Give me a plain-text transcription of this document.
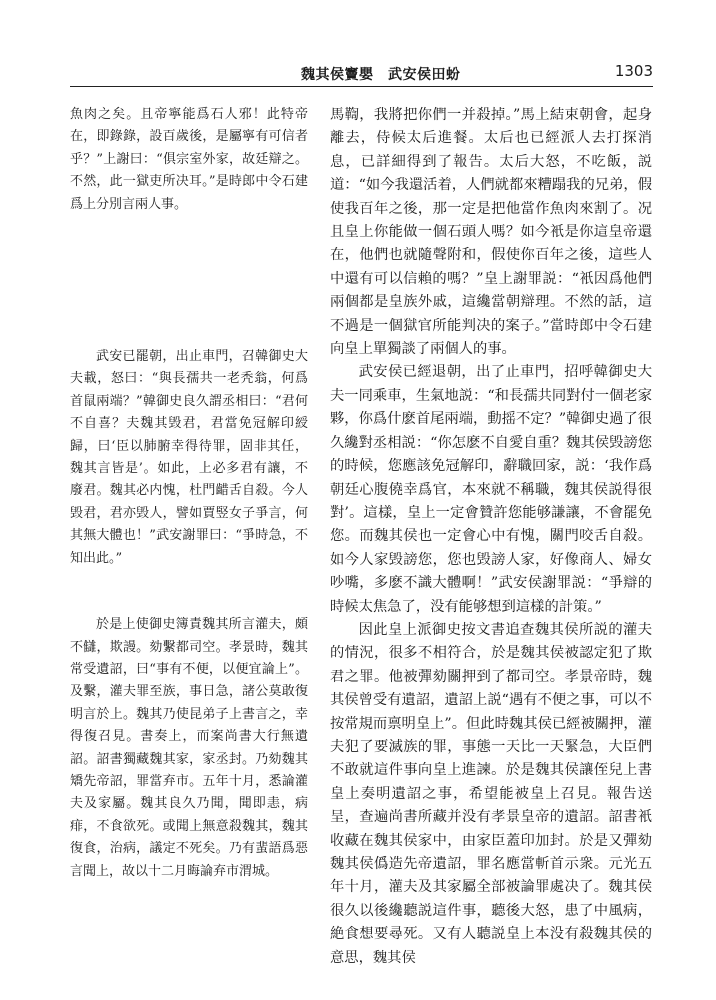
魏其侯竇嬰　武安侯田蚡	1303

魚肉之矣。且帝寧能爲石人邪！此特帝在，即錄錄，設百歲後，是屬寧有可信者乎？”上謝曰：“俱宗室外家，故廷辯之。不然，此一獄吏所决耳。”是時郎中令石建爲上分別言兩人事。

武安已罷朝，出止車門，召韓御史大夫載，怒曰：“與長孺共一老秃翁，何爲首鼠兩端？”韓御史良久謂丞相曰：“君何不自喜？夫魏其毁君，君當免冠解印綬歸，曰‘臣以肺腑幸得待罪，固非其任，魏其言皆是’。如此，上必多君有讓，不廢君。魏其必内愧，杜門齰舌自殺。今人毁君，君亦毁人，譬如賈竪女子爭言，何其無大體也！”武安謝罪曰：“爭時急，不知出此。”

於是上使御史簿責魏其所言灌夫，頗不讎，欺謾。劾繫都司空。孝景時，魏其常受遺詔，曰“事有不便，以便宜論上”。及繫，灌夫罪至族，事日急，諸公莫敢復明言於上。魏其乃使昆弟子上書言之，幸得復召見。書奏上，而案尚書大行無遺詔。詔書獨藏魏其家，家丞封。乃劾魏其矯先帝詔，罪當弃市。五年十月，悉論灌夫及家屬。魏其良久乃聞，聞即恚，病痱，不食欲死。或聞上無意殺魏其，魏其復食，治病，議定不死矣。乃有蜚語爲惡言聞上，故以十二月晦論弃市渭城。

馬鞫，我將把你們一并殺掉。”馬上結束朝會，起身離去，侍候太后進餐。太后也已經派人去打探消息，已詳細得到了報告。太后大怒，不吃飯，説道：“如今我還活着，人們就都來糟蹋我的兄弟，假使我百年之後，那一定是把他當作魚肉來割了。况且皇上你能做一個石頭人嗎？如今衹是你這皇帝還在，他們也就隨聲附和，假使你百年之後，這些人中還有可以信賴的嗎？”皇上謝罪説：“衹因爲他們兩個都是皇族外戚，這纔當朝辯理。不然的話，這不過是一個獄官所能判决的案子。”當時郎中令石建向皇上單獨談了兩個人的事。

武安侯已經退朝，出了止車門，招呼韓御史大夫一同乘車，生氣地説：“和長孺共同對付一個老家夥，你爲什麽首尾兩端，動摇不定？”韓御史過了很久纔對丞相説：“你怎麽不自愛自重？魏其侯毁謗您的時候，您應該免冠解印，辭職回家，説：‘我作爲朝廷心腹僥幸爲官，本來就不稱職，魏其侯説得很對’。這樣，皇上一定會贊許您能够謙讓，不會罷免您。而魏其侯也一定會心中有愧，關門咬舌自殺。如今人家毁謗您，您也毁謗人家，好像商人、婦女吵嘴，多麽不識大體啊！”武安侯謝罪説：“爭辯的時候太焦急了，没有能够想到這樣的計策。”

因此皇上派御史按文書追查魏其侯所説的灌夫的情況，很多不相符合，於是魏其侯被認定犯了欺君之罪。他被彈劾關押到了都司空。孝景帝時，魏其侯曾受有遺詔，遺詔上説“遇有不便之事，可以不按常規而禀明皇上”。但此時魏其侯已經被關押，灌夫犯了要滅族的罪，事態一天比一天緊急，大臣們不敢就這件事向皇上進諫。於是魏其侯讓侄兒上書皇上奏明遺詔之事，希望能被皇上召見。報告送呈，查遍尚書所藏并没有孝景皇帝的遺詔。詔書衹收藏在魏其侯家中，由家臣蓋印加封。於是又彈劾魏其侯僞造先帝遺詔，罪名應當斬首示衆。元光五年十月，灌夫及其家屬全部被論罪處决了。魏其侯很久以後纔聽説這件事，聽後大怒，患了中風病，絶食想要尋死。又有人聽説皇上本没有殺魏其侯的意思，魏其侯
